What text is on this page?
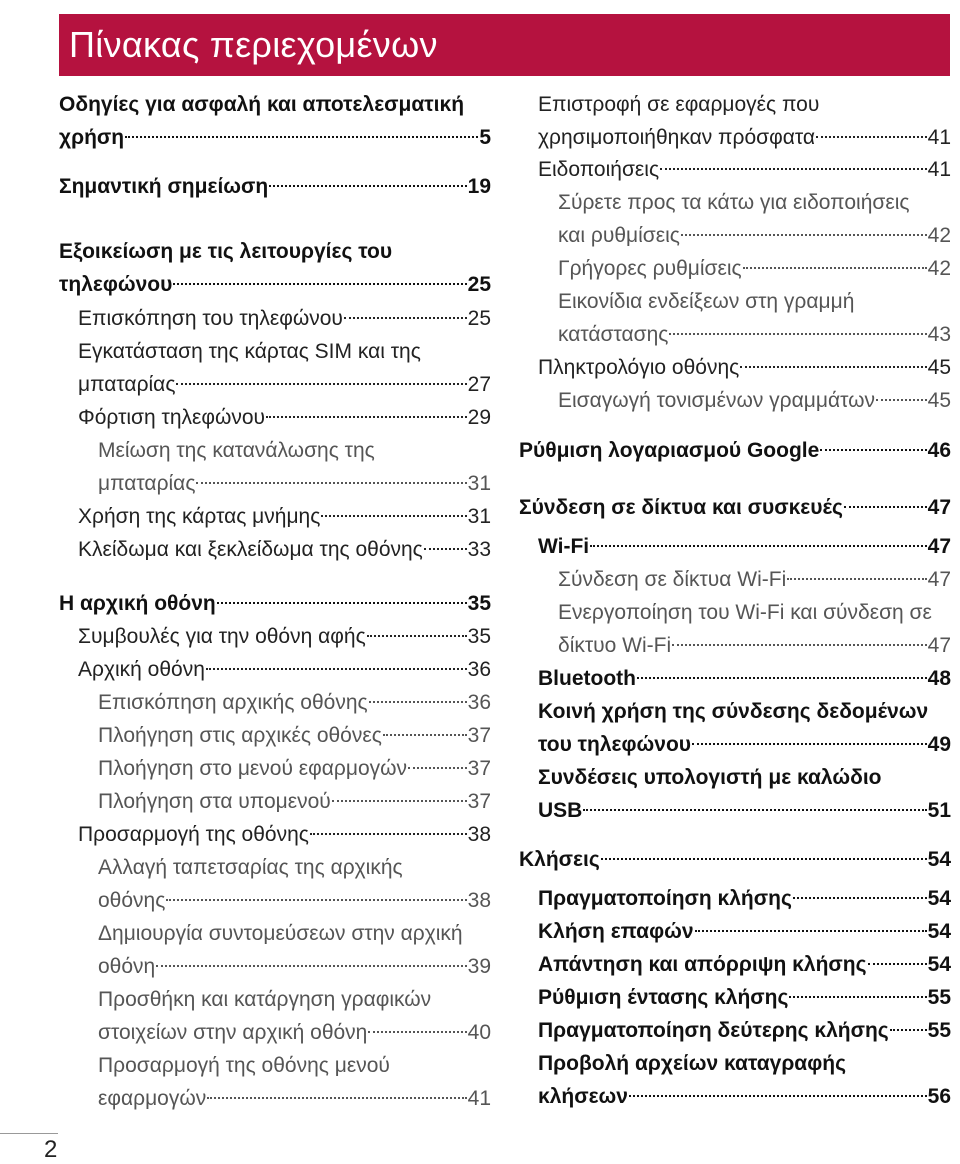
Πίνακας περιεχομένων
Οδηγίες για ασφαλή και αποτελεσματική
χρήση	5
Σημαντική σημείωση	19
Εξοικείωση με τις λειτουργίες του
τηλεφώνου	25
Επισκόπηση του τηλεφώνου	25
Εγκατάσταση της κάρτας SIM και της
μπαταρίας	27
Φόρτιση τηλεφώνου	29
Μείωση της κατανάλωσης της
μπαταρίας	31
Χρήση της κάρτας μνήμης	31
Κλείδωμα και ξεκλείδωμα της οθόνης 33
Η αρχική οθόνη	35
Συμβουλές για την οθόνη αφής	35
Αρχική οθόνη	36
Επισκόπηση αρχικής οθόνης	36
Πλοήγηση στις αρχικές οθόνες	37
Πλοήγηση στο μενού εφαρμογών	37
Πλοήγηση στα υπομενού	37
Προσαρμογή της οθόνης	38
Αλλαγή ταπετσαρίας της αρχικής
οθόνης	38
Δημιουργία συντομεύσεων στην αρχική
οθόνη	39
Προσθήκη και κατάργηση γραφικών
στοιχείων στην αρχική οθόνη	40
Προσαρμογή της οθόνης μενού
εφαρμογών	41
Επιστροφή σε εφαρμογές που
χρησιμοποιήθηκαν πρόσφατα	41
Ειδοποιήσεις	41
Σύρετε προς τα κάτω για ειδοποιήσεις
και ρυθμίσεις	42
Γρήγορες ρυθμίσεις	42
Εικονίδια ενδείξεων στη γραμμή
κατάστασης	43
Πληκτρολόγιο οθόνης	45
Εισαγωγή τονισμένων γραμμάτων	45
Ρύθμιση λογαριασμού Google	46
Σύνδεση σε δίκτυα και συσκευές	47
Wi-Fi	47
Σύνδεση σε δίκτυα Wi-Fi	47
Ενεργοποίηση του Wi-Fi και σύνδεση σε
δίκτυο Wi-Fi	47
Bluetooth	48
Κοινή χρήση της σύνδεσης δεδομένων
του τηλεφώνου	49
Συνδέσεις υπολογιστή με καλώδιο
USB	51
Κλήσεις	54
Πραγματοποίηση κλήσης	54
Κλήση επαφών	54
Απάντηση και απόρριψη κλήσης	54
Ρύθμιση έντασης κλήσης	55
Πραγματοποίηση δεύτερης κλήσης 55
Προβολή αρχείων καταγραφής
κλήσεων	56
2
